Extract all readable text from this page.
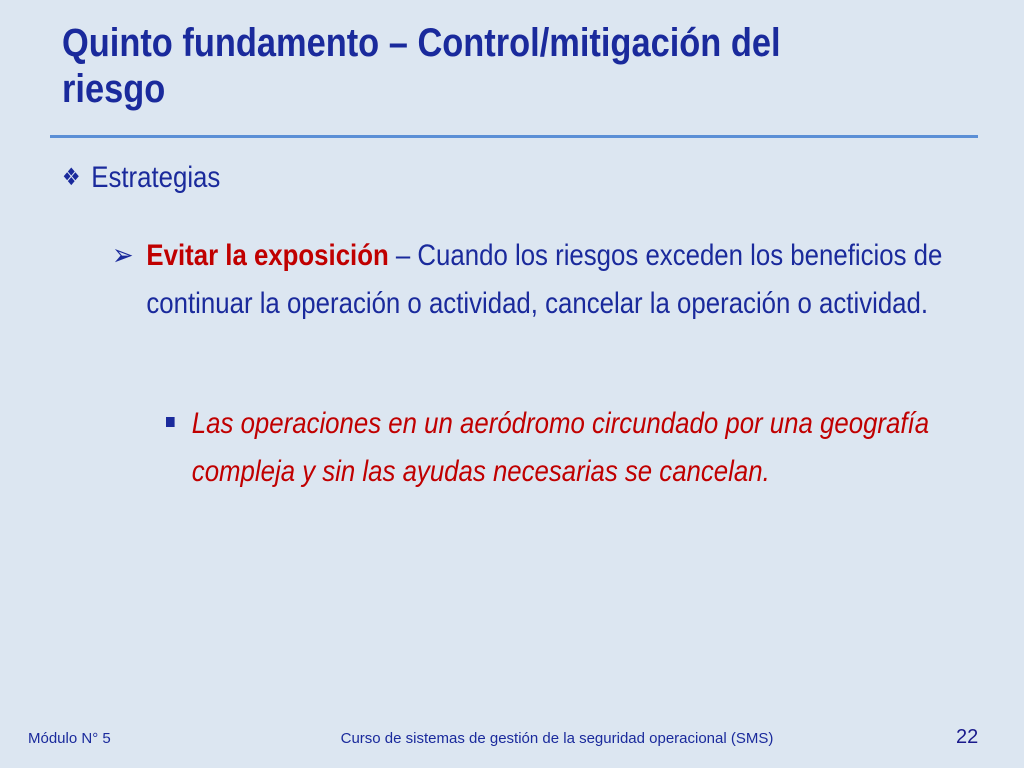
Quinto fundamento – Control/mitigación del riesgo
❖ Estrategias
➢ Evitar la exposición – Cuando los riesgos exceden los beneficios de continuar la operación o actividad, cancelar la operación o actividad.
Las operaciones en un aeródromo circundado por una geografía compleja y sin las ayudas necesarias se cancelan.
Módulo N° 5	Curso de sistemas de gestión de la seguridad operacional (SMS)	22
